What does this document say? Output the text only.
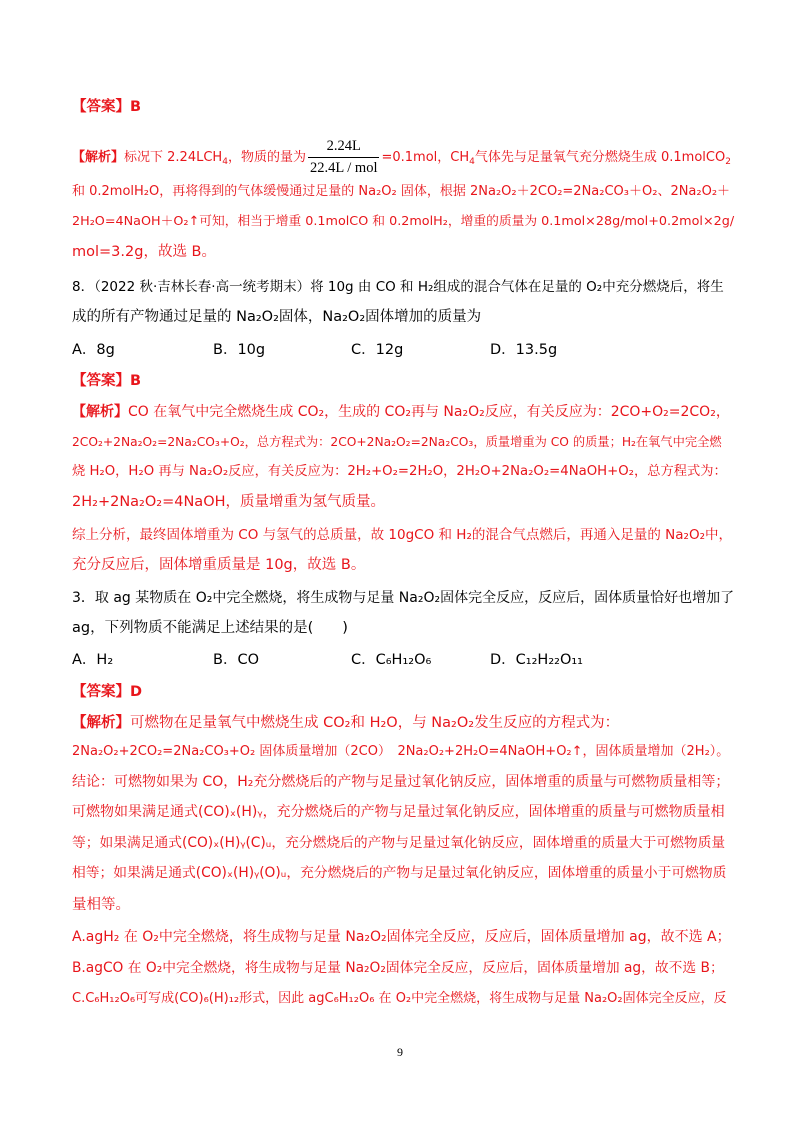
【答案】B
【解析】标况下 $2.24LCH_4$，物质的量为 $\frac{2.24L}{\text{22.4L / mol}} =0.1mol$，$CH_4$气体先与足量氧气充分燃烧生成 0.1molCO$_2$
和 0.2molH₂O，再将得到的气体缓慢通过足量的 Na₂O₂ 固体，根据 2Na₂O₂＋2CO₂=2Na₂CO₃＋O₂、2Na₂O₂＋
2H₂O=4NaOH＋O₂↑可知，相当于增重 0.1molCO 和 0.2molH₂，增重的质量为 0.1mol×28g/mol+0.2mol×2g/
mol=3.2g，故选 B。
8．（2022 秋·吉林长春·高一统考期末）将 10g 由 CO 和 H₂组成的混合气体在足量的 O₂中充分燃烧后，将生
成的所有产物通过足量的 Na₂O₂固体，Na₂O₂固体增加的质量为
A．8g	B．10g	C．12g	D．13.5g
【答案】B
【解析】CO 在氧气中完全燃烧生成 CO₂，生成的 CO₂再与 Na₂O₂反应，有关反应为：2CO+O₂=2CO₂，
2CO₂+2Na₂O₂=2Na₂CO₃+O₂，总方程式为：2CO+2Na₂O₂=2Na₂CO₃，质量增重为 CO 的质量；H₂在氧气中完全燃
烧 H₂O，H₂O 再与 Na₂O₂反应，有关反应为：2H₂+O₂=2H₂O，2H₂O+2Na₂O₂=4NaOH+O₂，总方程式为：
2H₂+2Na₂O₂=4NaOH，质量增重为氢气质量。
综上分析，最终固体增重为 CO 与氢气的总质量，故 10gCO 和 H₂的混合气点燃后，再通入足量的 Na₂O₂中，
充分反应后，固体增重质量是 10g，故选 B。
3．取 ag 某物质在 O₂中完全燃烧，将生成物与足量 Na₂O₂固体完全反应，反应后，固体质量恰好也增加了
ag，下列物质不能满足上述结果的是(　　)
A．H₂	B．CO	C．C₆H₁₂O₆	D．C₁₂H₂₂O₁₁
【答案】D
【解析】可燃物在足量氧气中燃烧生成 CO₂和 H₂O，与 Na₂O₂发生反应的方程式为：
2Na₂O₂+2CO₂=2Na₂CO₃+O₂ 固体质量增加（2CO）　2Na₂O₂+2H₂O=4NaOH+O₂↑，固体质量增加（2H₂）。
结论：可燃物如果为 CO，H₂充分燃烧后的产物与足量过氧化钠反应，固体增重的质量与可燃物质量相等；
可燃物如果满足通式(CO)ₓ(H)ᵧ，充分燃烧后的产物与足量过氧化钠反应，固体增重的质量与可燃物质量相
等；如果满足通式(CO)ₓ(H)ᵧ(C)ᵤ，充分燃烧后的产物与足量过氧化钠反应，固体增重的质量大于可燃物质量
相等；如果满足通式(CO)ₓ(H)ᵧ(O)ᵤ，充分燃烧后的产物与足量过氧化钠反应，固体增重的质量小于可燃物质
量相等。
A.agH₂ 在 O₂中完全燃烧，将生成物与足量 Na₂O₂固体完全反应，反应后，固体质量增加 ag，故不选 A；
B.agCO 在 O₂中完全燃烧，将生成物与足量 Na₂O₂固体完全反应，反应后，固体质量增加 ag，故不选 B；
C.C₆H₁₂O₆可写成(CO)₆(H)₁₂形式，因此 agC₆H₁₂O₆ 在 O₂中完全燃烧，将生成物与足量 Na₂O₂固体完全反应，反
9
